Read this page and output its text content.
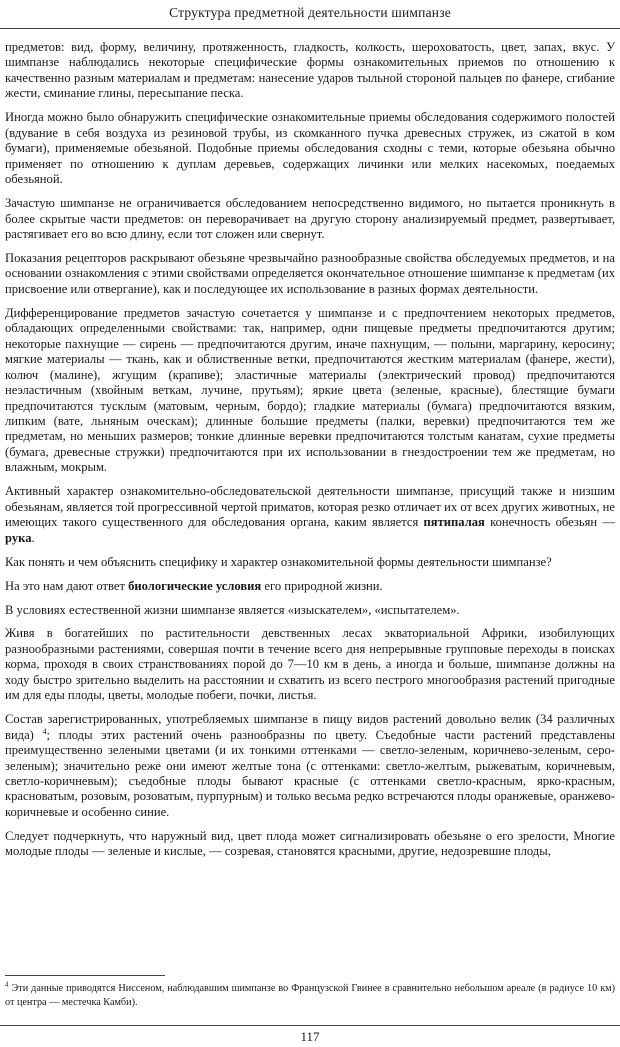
Структура предметной деятельности шимпанзе

предметов: вид, форму, величину, протяженность, гладкость, колкость, шероховатость, цвет, запах, вкус. У шимпанзе наблюдались некоторые специфические формы ознакомительных приемов по отношению к качественно разным материалам и предметам: нанесение ударов тыльной стороной пальцев по фанере, сгибание жести, сминание глины, пересыпание песка.

Иногда можно было обнаружить специфические ознакомительные приемы обследования содержимого полостей (вдувание в себя воздуха из резиновой трубы, из скомканного пучка древесных стружек, из сжатой в ком бумаги), применяемые обезьяной. Подобные приемы обследования сходны с теми, которые обезьяна обычно применяет по отношению к дуплам деревьев, содержащих личинки или мелких насекомых, поедаемых обезьяной.

Зачастую шимпанзе не ограничивается обследованием непосредственно видимого, но пытается проникнуть в более скрытые части предметов: он переворачивает на другую сторону анализируемый предмет, развертывает, растягивает его во всю длину, если тот сложен или свернут.

Показания рецепторов раскрывают обезьяне чрезвычайно разнообразные свойства обследуемых предметов, и на основании ознакомления с этими свойствами определяется окончательное отношение шимпанзе к предметам (их присвоение или отвергание), как и последующее их использование в разных формах деятельности.

Дифференцирование предметов зачастую сочетается у шимпанзе и с предпочтением некоторых предметов, обладающих определенными свойствами: так, например, одни пищевые предметы предпочитаются другим; некоторые пахнущие — сирень — предпочитаются другим, иначе пахнущим, — полыни, маргарину, керосину; мягкие материалы — ткань, как и облиственные ветки, предпочитаются жестким материалам (фанере, жести), колюч (малине), жгущим (крапиве); эластичные материалы (электрический провод) предпочитаются неэластичным (хвойным веткам, лучине, прутьям); яркие цвета (зеленые, красные), блестящие бумаги предпочитаются тусклым (матовым, черным, бордо); гладкие материалы (бумага) предпочитаются вязким, липким (вате, льняным оческам); длинные большие предметы (палки, веревки) предпочитаются тем же предметам, но меньших размеров; тонкие длинные веревки предпочитаются толстым канатам, сухие предметы (бумага, древесные стружки) предпочитаются при их использовании в гнездостроении тем же предметам, но влажным, мокрым.

Активный характер ознакомительно-обследовательской деятельности шимпанзе, присущий также и низшим обезьянам, является той прогрессивной чертой приматов, которая резко отличает их от всех других животных, не имеющих такого существенного для обследования органа, каким является пятипалая конечность обезьян — рука.

Как понять и чем объяснить специфику и характер ознакомительной формы деятельности шимпанзе?

На это нам дают ответ биологические условия его природной жизни.

В условиях естественной жизни шимпанзе является «изыскателем», «испытателем».

Живя в богатейших по растительности девственных лесах экваториальной Африки, изобилующих разнообразными растениями, совершая почти в течение всего дня непрерывные групповые переходы в поисках корма, проходя в своих странствованиях порой до 7—10 км в день, а иногда и больше, шимпанзе должны на ходу быстро зрительно выделить на расстоянии и схватить из всего пестрого многообразия растений пригодные им для еды плоды, цветы, молодые побеги, почки, листья.

Состав зарегистрированных, употребляемых шимпанзе в пищу видов растений довольно велик (34 различных вида) $^4$; плоды этих растений очень разнообразны по цвету. Съедобные части растений представлены преимущественно зелеными цветами (и их тонкими оттенками — светло-зеленым, коричнево-зеленым, серо-зеленым); значительно реже они имеют желтые тона (с оттенками: светло-желтым, рыжеватым, коричневым, светло-коричневым); съедобные плоды бывают красные (с оттенками светло-красным, ярко-красным, красноватым, розовым, розоватым, пурпурным) и только весьма редко встречаются плоды оранжевые, оранжево-коричневые и особенно синие.

Следует подчеркнуть, что наружный вид, цвет плода может сигнализировать обезьяне о его зрелости, Многие молодые плоды — зеленые и кислые, — созревая, становятся красными, другие, недозревшие плоды,

$^4$ Эти данные приводятся Ниссеном, наблюдавшим шимпанзе во Французской Гвинее в сравнительно небольшом ареале (в радиусе 10 км) от центра — местечка Камби).
117
